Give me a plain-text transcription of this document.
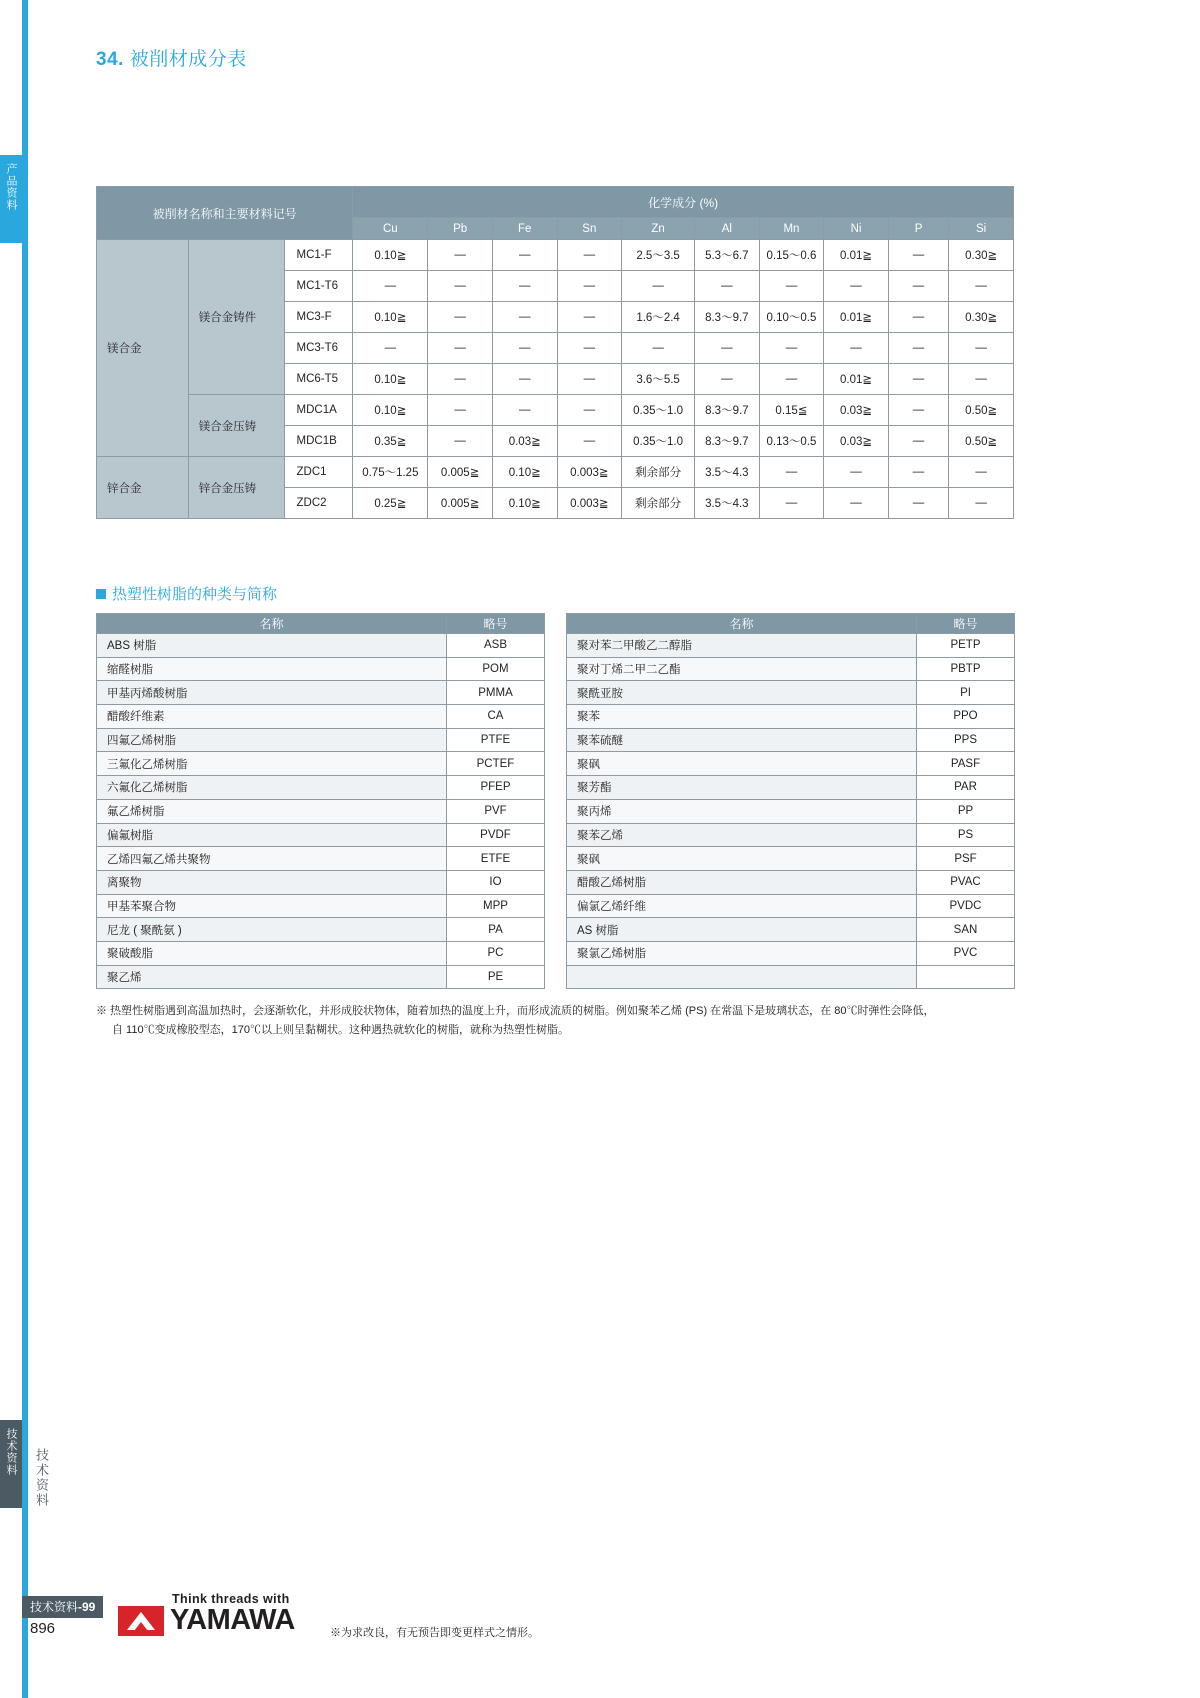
产品资料
技术资料 技术资料
34. 被削材成分表
被削材名称和主要材料记号			化学成分 (%)									
			Cu	Pb	Fe	Sn	Zn	Al	Mn	Ni	P	Si
镁合金	镁合金铸件	MC1-F	0.10≧	—	—	—	2.5～3.5	5.3～6.7	0.15～0.6	0.01≧	—	0.30≧
		MC1-T6	—	—	—	—	—	—	—	—	—	—
		MC3-F	0.10≧	—	—	—	1.6～2.4	8.3～9.7	0.10～0.5	0.01≧	—	0.30≧
		MC3-T6	—	—	—	—	—	—	—	—	—	—
		MC6-T5	0.10≧	—	—	—	3.6～5.5	—	—	0.01≧	—	—
	镁合金压铸	MDC1A	0.10≧	—	—	—	0.35～1.0	8.3～9.7	0.15≦	0.03≧	—	0.50≧
		MDC1B	0.35≧	—	0.03≧	—	0.35～1.0	8.3～9.7	0.13～0.5	0.03≧	—	0.50≧
锌合金	锌合金压铸	ZDC1	0.75～1.25	0.005≧	0.10≧	0.003≧	剩余部分	3.5～4.3	—	—	—	—
		ZDC2	0.25≧	0.005≧	0.10≧	0.003≧	剩余部分	3.5～4.3	—	—	—	—
热塑性树脂的种类与简称
名称	略号
ABS 树脂	ASB
缩醛树脂	POM
甲基丙烯酸树脂	PMMA
醋酸纤维素	CA
四氟乙烯树脂	PTFE
三氟化乙烯树脂	PCTEF
六氟化乙烯树脂	PFEP
氟乙烯树脂	PVF
偏氟树脂	PVDF
乙烯四氟乙烯共聚物	ETFE
离聚物	IO
甲基苯聚合物	MPP
尼龙 ( 聚酰氨 )	PA
聚破酸脂	PC
聚乙烯	PE
名称	略号
聚对苯二甲酸乙二醇脂	PETP
聚对丁烯二甲二乙酯	PBTP
聚酰亚胺	PI
聚苯	PPO
聚苯硫醚	PPS
聚砜	PASF
聚芳酯	PAR
聚丙烯	PP
聚苯乙烯	PS
聚砜	PSF
醋酸乙烯树脂	PVAC
偏氯乙烯纤维	PVDC
AS 树脂	SAN
聚氯乙烯树脂	PVC

※ 热塑性树脂遇到高温加热时，会逐渐软化，并形成胶状物体，随着加热的温度上升，而形成流质的树脂。例如聚苯乙烯 (PS) 在常温下是玻璃状态，在 80℃时弹性会降低，
自 110℃变成橡胶型态，170℃以上则呈黏糊状。这种遇热就软化的树脂，就称为热塑性树脂。
技术资料-99
896
Think threads with
YAMAWA	※为求改良，有无预告即变更样式之情形。
